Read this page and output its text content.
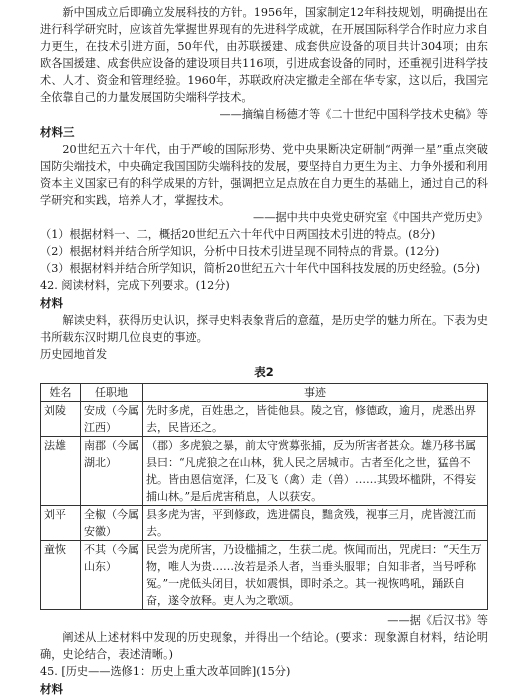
新中国成立后即确立发展科技的方针。1956年，国家制定12年科技规划，明确提出在进行科学研究时，应该首先掌握世界现有的先进科学成就，在开展国际科学合作时应力求自力更生，在技术引进方面，50年代，由苏联援建、成套供应设备的项目共计304项；由东欧各国援建、成套供应设备的建设项目共116项，引进成套设备的同时，还重视引进科学技术、人才、资金和管理经验。1960年，苏联政府决定撤走全部在华专家，这以后，我国完全依靠自己的力量发展国防尖端科学技术。

——摘编自杨德才等《二十世纪中国科学技术史稿》等

材料三

20世纪五六十年代，由于严峻的国际形势、党中央果断决定研制“两弹一星”重点突破国防尖端技术，中央确定我国国防尖端科技的发展，要坚持自力更生为主、力争外援和利用资本主义国家已有的科学成果的方针，强调把立足点放在自力更生的基础上，通过自己的科学研究和实践，培养人才，掌握技术。

——据中共中央党史研究室《中国共产党历史》

（1）根据材料一、二，概括20世纪五六十年代中日两国技术引进的特点。(8分)

（2）根据材料并结合所学知识，分析中日技术引进呈现不同特点的背景。(12分)

（3）根据材料并结合所学知识，简析20世纪五六十年代中国科技发展的历史经验。(5分)

42. 阅读材料，完成下列要求。(12分)

材料

解读史料，获得历史认识，探寻史料表象背后的意蕴，是历史学的魅力所在。下表为史书所载东汉时期几位良吏的事迹。

历史园地首发

表2

姓名	任职地	事迹
刘陵	安成（今属江西）	先时多虎，百姓患之，皆徙他县。陵之官，修德政，逾月，虎悉出界去，民皆还之。
法雄	南郡（今属湖北）	（郡）多虎狼之暴，前太守赏募张捕，反为所害者甚众。雄乃移书属县曰：“凡虎狼之在山林，犹人民之居城市。古者至化之世，猛兽不扰。皆由恩信宽泽，仁及飞（禽）走（兽）……其毁坏槛阱，不得妄捕山林。”是后虎害稍息，人以获安。
刘平	全椒（今属安徽）	县多虎为害，平到修政，选进儒良，黜贪残，视事三月，虎皆渡江而去。
童恢	不其（今属山东）	民尝为虎所害，乃设槛捕之，生获二虎。恢闻而出，咒虎曰：“天生万物，唯人为贵……汝若是杀人者，当垂头服罪；自知非者，当号呼称冤。”一虎低头闭目，状如震惧，即时杀之。其一视恢鸣吼，踊跃自奋，遂令放释。吏人为之歌颂。

——据《后汉书》等

阐述从上述材料中发现的历史现象，并得出一个结论。(要求：现象源自材料，结论明确，史论结合，表述清晰。)

45. [历史——选修1：历史上重大改革回眸](15分)

材料
